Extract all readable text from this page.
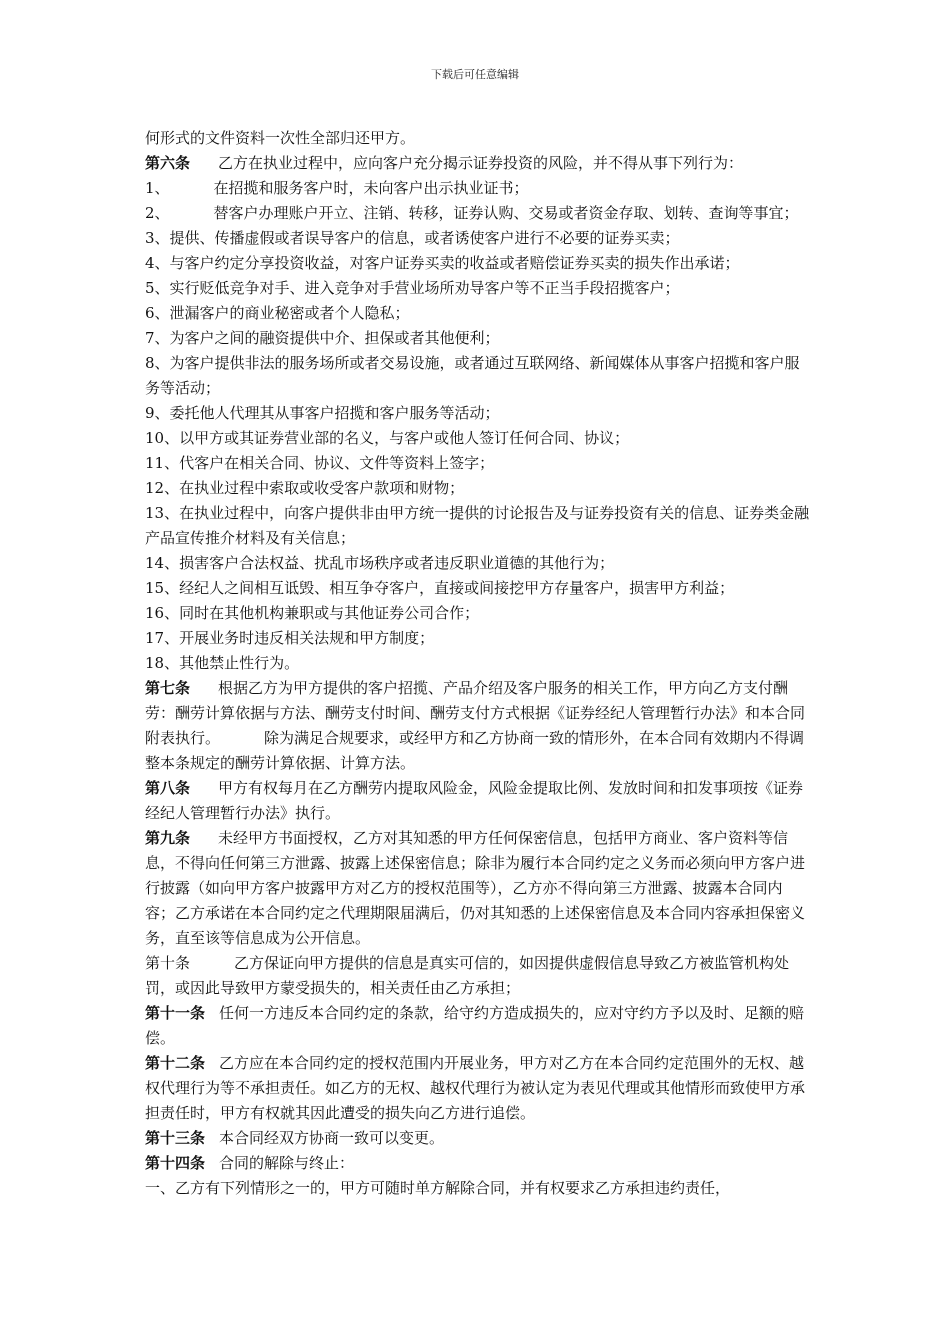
下载后可任意编辑

何形式的文件资料一次性全部归还甲方。

第六条 乙方在执业过程中，应向客户充分揭示证券投资的风险，并不得从事下列行为：

1、	在招揽和服务客户时，未向客户出示执业证书；

2、	替客户办理账户开立、注销、转移，证券认购、交易或者资金存取、划转、查询等事宜；

3、提供、传播虚假或者误导客户的信息，或者诱使客户进行不必要的证券买卖；

4、与客户约定分享投资收益，对客户证券买卖的收益或者赔偿证券买卖的损失作出承诺；

5、实行贬低竞争对手、进入竞争对手营业场所劝导客户等不正当手段招揽客户；

6、泄漏客户的商业秘密或者个人隐私；

7、为客户之间的融资提供中介、担保或者其他便利；

8、为客户提供非法的服务场所或者交易设施，或者通过互联网络、新闻媒体从事客户招揽和客户服务等活动；

9、委托他人代理其从事客户招揽和客户服务等活动；

10、以甲方或其证券营业部的名义，与客户或他人签订任何合同、协议；

11、代客户在相关合同、协议、文件等资料上签字；

12、在执业过程中索取或收受客户款项和财物；

13、在执业过程中，向客户提供非由甲方统一提供的讨论报告及与证券投资有关的信息、证券类金融产品宣传推介材料及有关信息；

14、损害客户合法权益、扰乱市场秩序或者违反职业道德的其他行为；

15、经纪人之间相互诋毁、相互争夺客户，直接或间接挖甲方存量客户，损害甲方利益；

16、同时在其他机构兼职或与其他证券公司合作；

17、开展业务时违反相关法规和甲方制度；

18、其他禁止性行为。

第七条 根据乙方为甲方提供的客户招揽、产品介绍及客户服务的相关工作，甲方向乙方支付酬劳：酬劳计算依据与方法、酬劳支付时间、酬劳支付方式根据《证券经纪人管理暂行办法》和本合同附表执行。	除为满足合规要求，或经甲方和乙方协商一致的情形外，在本合同有效期内不得调整本条规定的酬劳计算依据、计算方法。

第八条 甲方有权每月在乙方酬劳内提取风险金，风险金提取比例、发放时间和扣发事项按《证券经纪人管理暂行办法》执行。

第九条 未经甲方书面授权，乙方对其知悉的甲方任何保密信息，包括甲方商业、客户资料等信息，不得向任何第三方泄露、披露上述保密信息；除非为履行本合同约定之义务而必须向甲方客户进行披露（如向甲方客户披露甲方对乙方的授权范围等），乙方亦不得向第三方泄露、披露本合同内容；乙方承诺在本合同约定之代理期限届满后，仍对其知悉的上述保密信息及本合同内容承担保密义务，直至该等信息成为公开信息。

第十条	乙方保证向甲方提供的信息是真实可信的，如因提供虚假信息导致乙方被监管机构处罚，或因此导致甲方蒙受损失的，相关责任由乙方承担；

第十一条 任何一方违反本合同约定的条款，给守约方造成损失的，应对守约方予以及时、足额的赔偿。

第十二条 乙方应在本合同约定的授权范围内开展业务，甲方对乙方在本合同约定范围外的无权、越权代理行为等不承担责任。如乙方的无权、越权代理行为被认定为表见代理或其他情形而致使甲方承担责任时，甲方有权就其因此遭受的损失向乙方进行追偿。

第十三条 本合同经双方协商一致可以变更。

第十四条 合同的解除与终止：

一、乙方有下列情形之一的，甲方可随时单方解除合同，并有权要求乙方承担违约责任，
